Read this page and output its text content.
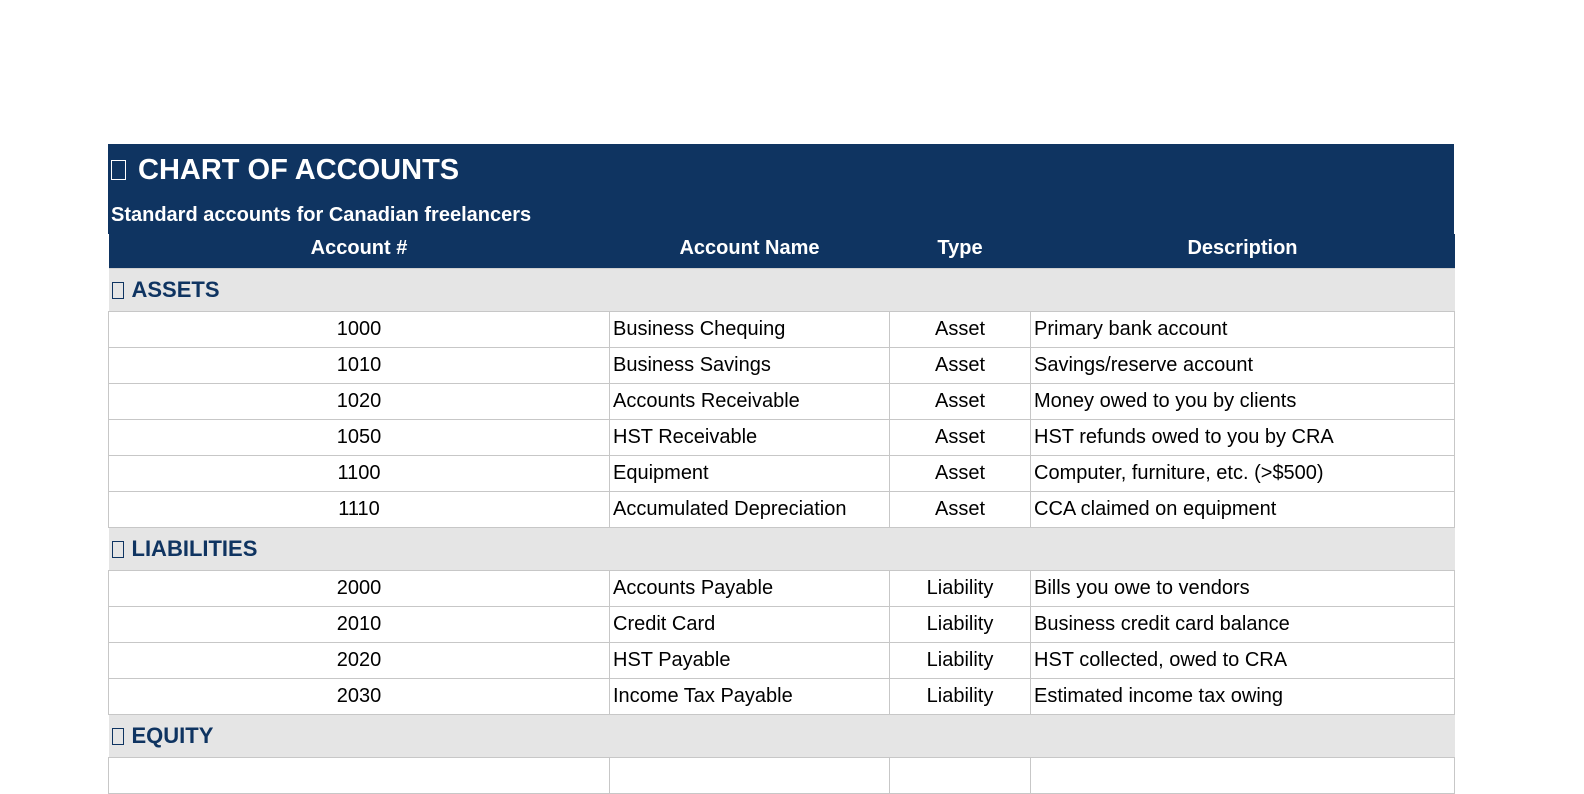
CHART OF ACCOUNTS
Standard accounts for Canadian freelancers
Account #	Account Name	Type	Description
ASSETS			
1000	Business Chequing	Asset	Primary bank account
1010	Business Savings	Asset	Savings/reserve account
1020	Accounts Receivable	Asset	Money owed to you by clients
1050	HST Receivable	Asset	HST refunds owed to you by CRA
1100	Equipment	Asset	Computer, furniture, etc. (>$500)
1110	Accumulated Depreciation	Asset	CCA claimed on equipment
LIABILITIES			
2000	Accounts Payable	Liability	Bills you owe to vendors
2010	Credit Card	Liability	Business credit card balance
2020	HST Payable	Liability	HST collected, owed to CRA
2030	Income Tax Payable	Liability	Estimated income tax owing
EQUITY			
